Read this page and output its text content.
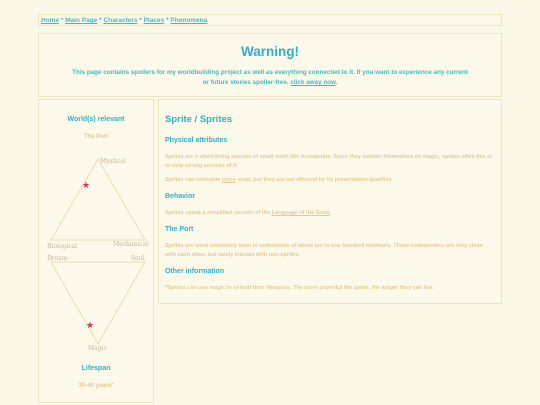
Home * Main Page * Characters * Places * Phenomena
Warning!
This page contains spoilers for my worldbuilding project as well as everything connected to it. If you want to experience any current or future stories spoiler-free, click away now.
World(s) relevant
The Port
Mystical
Biological	Mechanical
Dream	Soul
Magic
★
★
Lifespan
30-40 years*
Sprite / Sprites
Physical attributes
Sprites are a short-living species of small moth-like humanoids. Since they sustain themselves on magic, sprites often live at or near strong sources of it.
Sprites can consume sinse meat, but they are not affected by its preservation qualities.
Behavior
Sprites speak a simplified version of the Language of the Gods.
The Port
Sprites are most commonly seen in settlements of about ten to one hundred members. These communities are very close with each other, but rarely interact with non-sprites.
Other information
*Sprites can use magic to extend their lifespans. The more powerful the sprite, the longer they can live.
